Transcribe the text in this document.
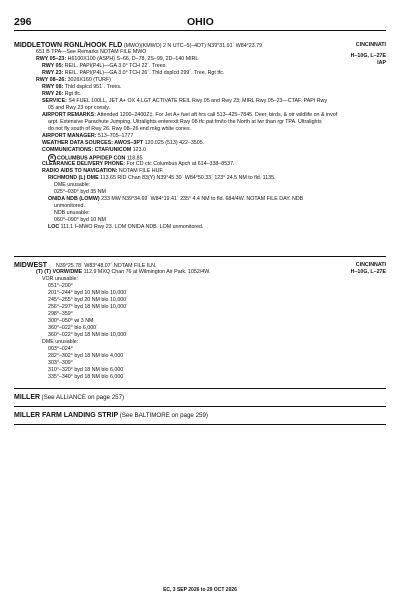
296	OHIO
MIDDLETOWN RGNL/HOOK FLD (MWO)(KMWO) 2 N UTC–5(–4DT) N39°31.91´ W84°23.79´	CINCINNATI
H–10G, L–27E
IAP
651 B TPA—See Remarks NOTAM FILE MWO
RWY 05–23: H6100X100 (ASPH) S–66, D–78, 2S–99, 2D–140 MIRL
RWY 05: REIL. PAPI(P4L)—GA 3.0° TCH 22´. Trees.
RWY 23: REIL. PAPI(P4L)—GA 3.0° TCH 26´. Thld dsplcd 299´. Tree. Rgt tfc.
RWY 08–26: 3026X160 (TURF)
RWY 08: Thld dsplcd 951´. Trees.
RWY 26: Rgt tfc.
SERVICE: S4 FUEL 100LL, JET A+ OX 4 LGT ACTIVATE REIL Rwy 05 and Rwy 23; MIRL Rwy 05–23—CTAF. PAPI Rwy
05 and Rwy 23 opr consly.
AIRPORT REMARKS: Attended 1200–2400Z‡. For Jet A+ fuel aft hrs call 513–425–7845. Deer, birds, & otr wildlife on & invof
arpt. Extensive Parachute Jumping. Ultralights enterexit Rwy 08 tfc pat fm/to the North at lwr than rgr TPA. Ultralights
do not fly south of Rwy 26. Rwy 08–26 end mkg white cones.
AIRPORT MANAGER: 513–705–1777
WEATHER DATA SOURCES: AWOS–3PT 120.025 (513) 422–3505.
COMMUNICATIONS: CTAF/UNICOM 123.0
R COLUMBUS APP/DEP CON 118.85
CLEARANCE DELIVERY PHONE: For CD ctc Columbus Apch at 614–338–8537.
RADIO AIDS TO NAVIGATION: NOTAM FILE HUF.
RICHMOND (L) DME 113.65 RID Chan 83(Y) N39°45.30´ W84°50.33´ 123° 24.5 NM to fld. 1135.
DME unusable:
025°–030° byd 35 NM
ONIDA NDB (LOMW) 233 MW N39°34.69´ W84°19.41´ 235° 4.4 NM to fld. 684/4W. NOTAM FILE DAY. NDB
unmonitored.
NDB unusable:
060°–090° byd 10 NM
LOC 111.1 I–MWO Rwy 23. LOM ONIDA NDB. LOM unmonitored.
MIDWEST N39°25.78´ W83°48.07´ NOTAM FILE ILN.	CINCINNATI
H–10G, L–27E
(T) (T) VORW/DME 112.9 MXQ Chan 76 at Wilmington Air Park. 1052/4W.
VOR unusable:
051°–200°
201°–244° byd 10 NM blo 10,000´
245°–255° byd 20 NM blo 10,000´
256°–297° byd 18 NM blo 10,000´
298°–359°
300°–050° wi 3 NM
360°–022° blo 6,000´
360°–022° byd 18 NM blo 10,000´
DME unusable:
003°–024°
282°–302° byd 18 NM blo 4,000´
303°–309°
310°–320° byd 18 NM blo 6,000´
335°–340° byd 18 NM blo 6,000´
MILLER (See ALLIANCE on page 257)
MILLER FARM LANDING STRIP (See BALTIMORE on page 259)
EC, 3 SEP 2026 to 29 OCT 2026
